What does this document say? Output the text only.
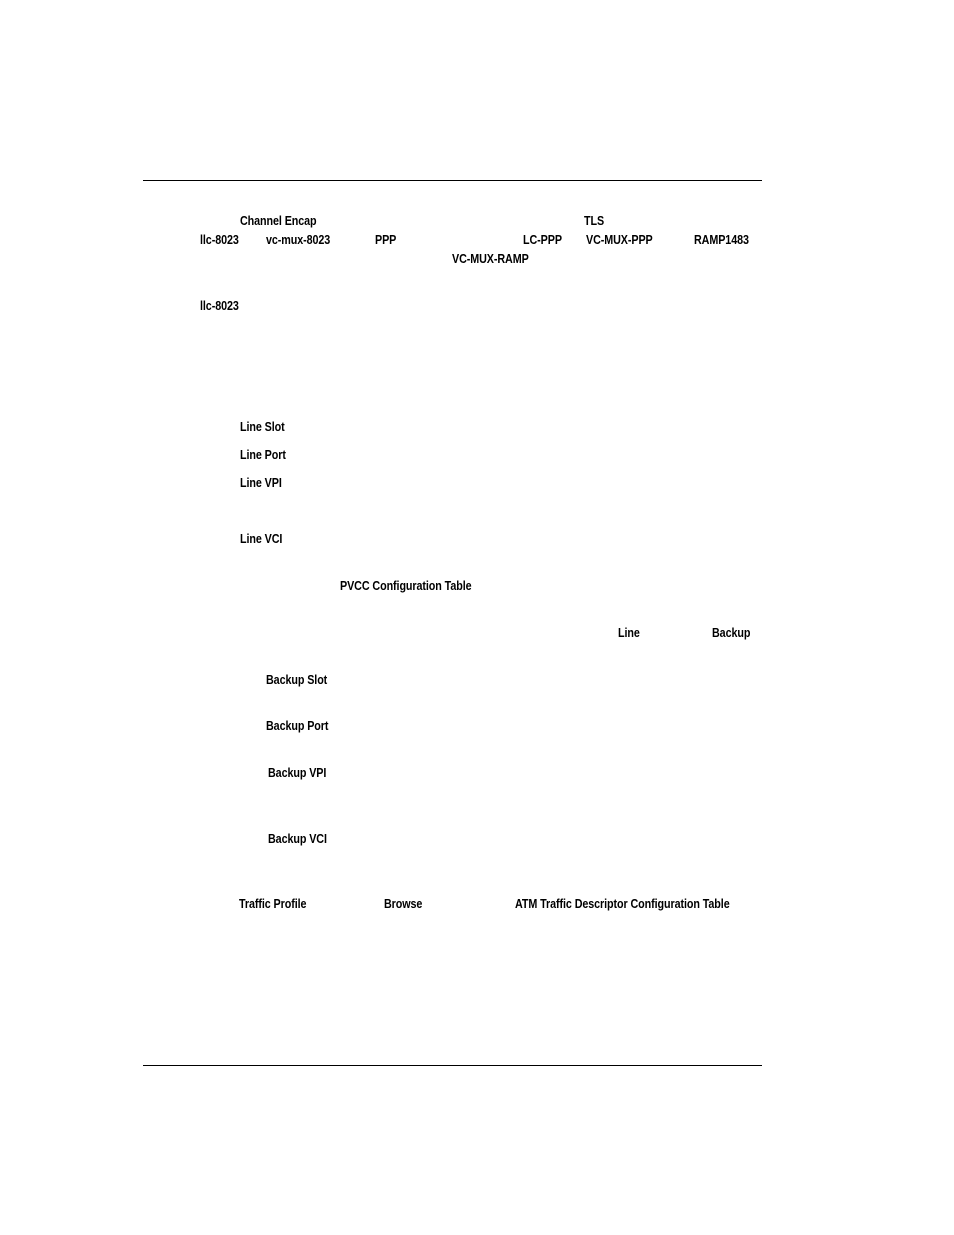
Channel Encap	TLS
llc-8023 vc-mux-8023	PPP	LC-PPP VC-MUX-PPP	RAMP1483
VC-MUX-RAMP
llc-8023
Line Slot
Line Port
Line VPI
Line VCI
PVCC Configuration Table
Line	Backup
Backup Slot
Backup Port
Backup VPI
Backup VCI
Traffic Profile	Browse	ATM Traffic Descriptor Configuration Table
